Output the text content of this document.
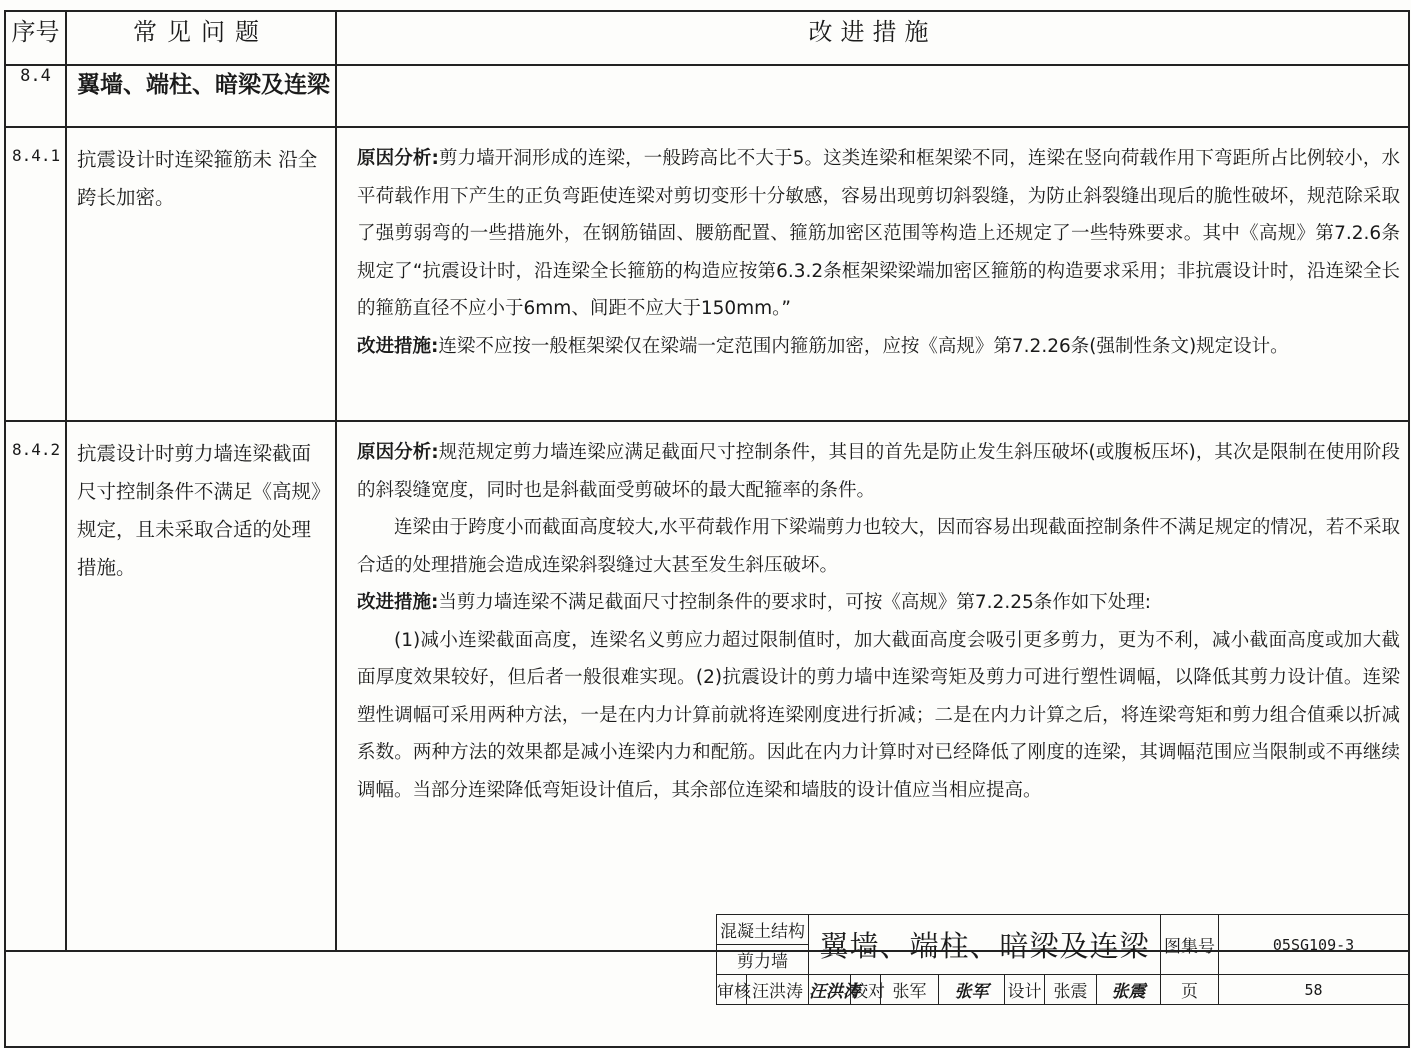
序号	常见问题	改进措施
8.4	翼墙、端柱、暗梁及连梁	
8.4.1	抗震设计时连梁箍筋未 沿全跨长加密。	原因分析:剪力墙开洞形成的连梁，一般跨高比不大于5。这类连梁和框架梁不同，连梁在竖向荷载作用下弯距所占比例较小，水平荷载作用下产生的正负弯距使连梁对剪切变形十分敏感，容易出现剪切斜裂缝，为防止斜裂缝出现后的脆性破坏，规范除采取了强剪弱弯的一些措施外，在钢筋锚固、腰筋配置、箍筋加密区范围等构造上还规定了一些特殊要求。其中《高规》第7.2.6条规定了“抗震设计时，沿连梁全长箍筋的构造应按第6.3.2条框架梁梁端加密区箍筋的构造要求采用；非抗震设计时，沿连梁全长的箍筋直径不应小于6mm、间距不应大于150mm。”

改进措施:连梁不应按一般框架梁仅在梁端一定范围内箍筋加密，应按《高规》第7.2.26条(强制性条文)规定设计。

8.4.2	抗震设计时剪力墙连梁截面尺寸控制条件不满足《高规》规定，且未采取合适的处理措施。	原因分析:规范规定剪力墙连梁应满足截面尺寸控制条件，其目的首先是防止发生斜压破坏(或腹板压坏)，其次是限制在使用阶段的斜裂缝宽度，同时也是斜截面受剪破坏的最大配箍率的条件。

连梁由于跨度小而截面高度较大,水平荷载作用下梁端剪力也较大，因而容易出现截面控制条件不满足规定的情况，若不采取合适的处理措施会造成连梁斜裂缝过大甚至发生斜压破坏。

改进措施:当剪力墙连梁不满足截面尺寸控制条件的要求时，可按《高规》第7.2.25条作如下处理:

(1)减小连梁截面高度，连梁名义剪应力超过限制值时，加大截面高度会吸引更多剪力，更为不利，减小截面高度或加大截面厚度效果较好，但后者一般很难实现。(2)抗震设计的剪力墙中连梁弯矩及剪力可进行塑性调幅，以降低其剪力设计值。连梁塑性调幅可采用两种方法，一是在内力计算前就将连梁刚度进行折减；二是在内力计算之后，将连梁弯矩和剪力组合值乘以折减系数。两种方法的效果都是减小连梁内力和配筋。因此在内力计算时对已经降低了刚度的连梁，其调幅范围应当限制或不再继续调幅。当部分连梁降低弯矩设计值后，其余部位连梁和墙肢的设计值应当相应提高。

混凝土结构		翼墙、端柱、暗梁及连梁							图集号	05SG109-3
剪力墙										
审核	汪洪涛	汪洪涛	校对	张军	张军	设计	张震	张震	页	58
